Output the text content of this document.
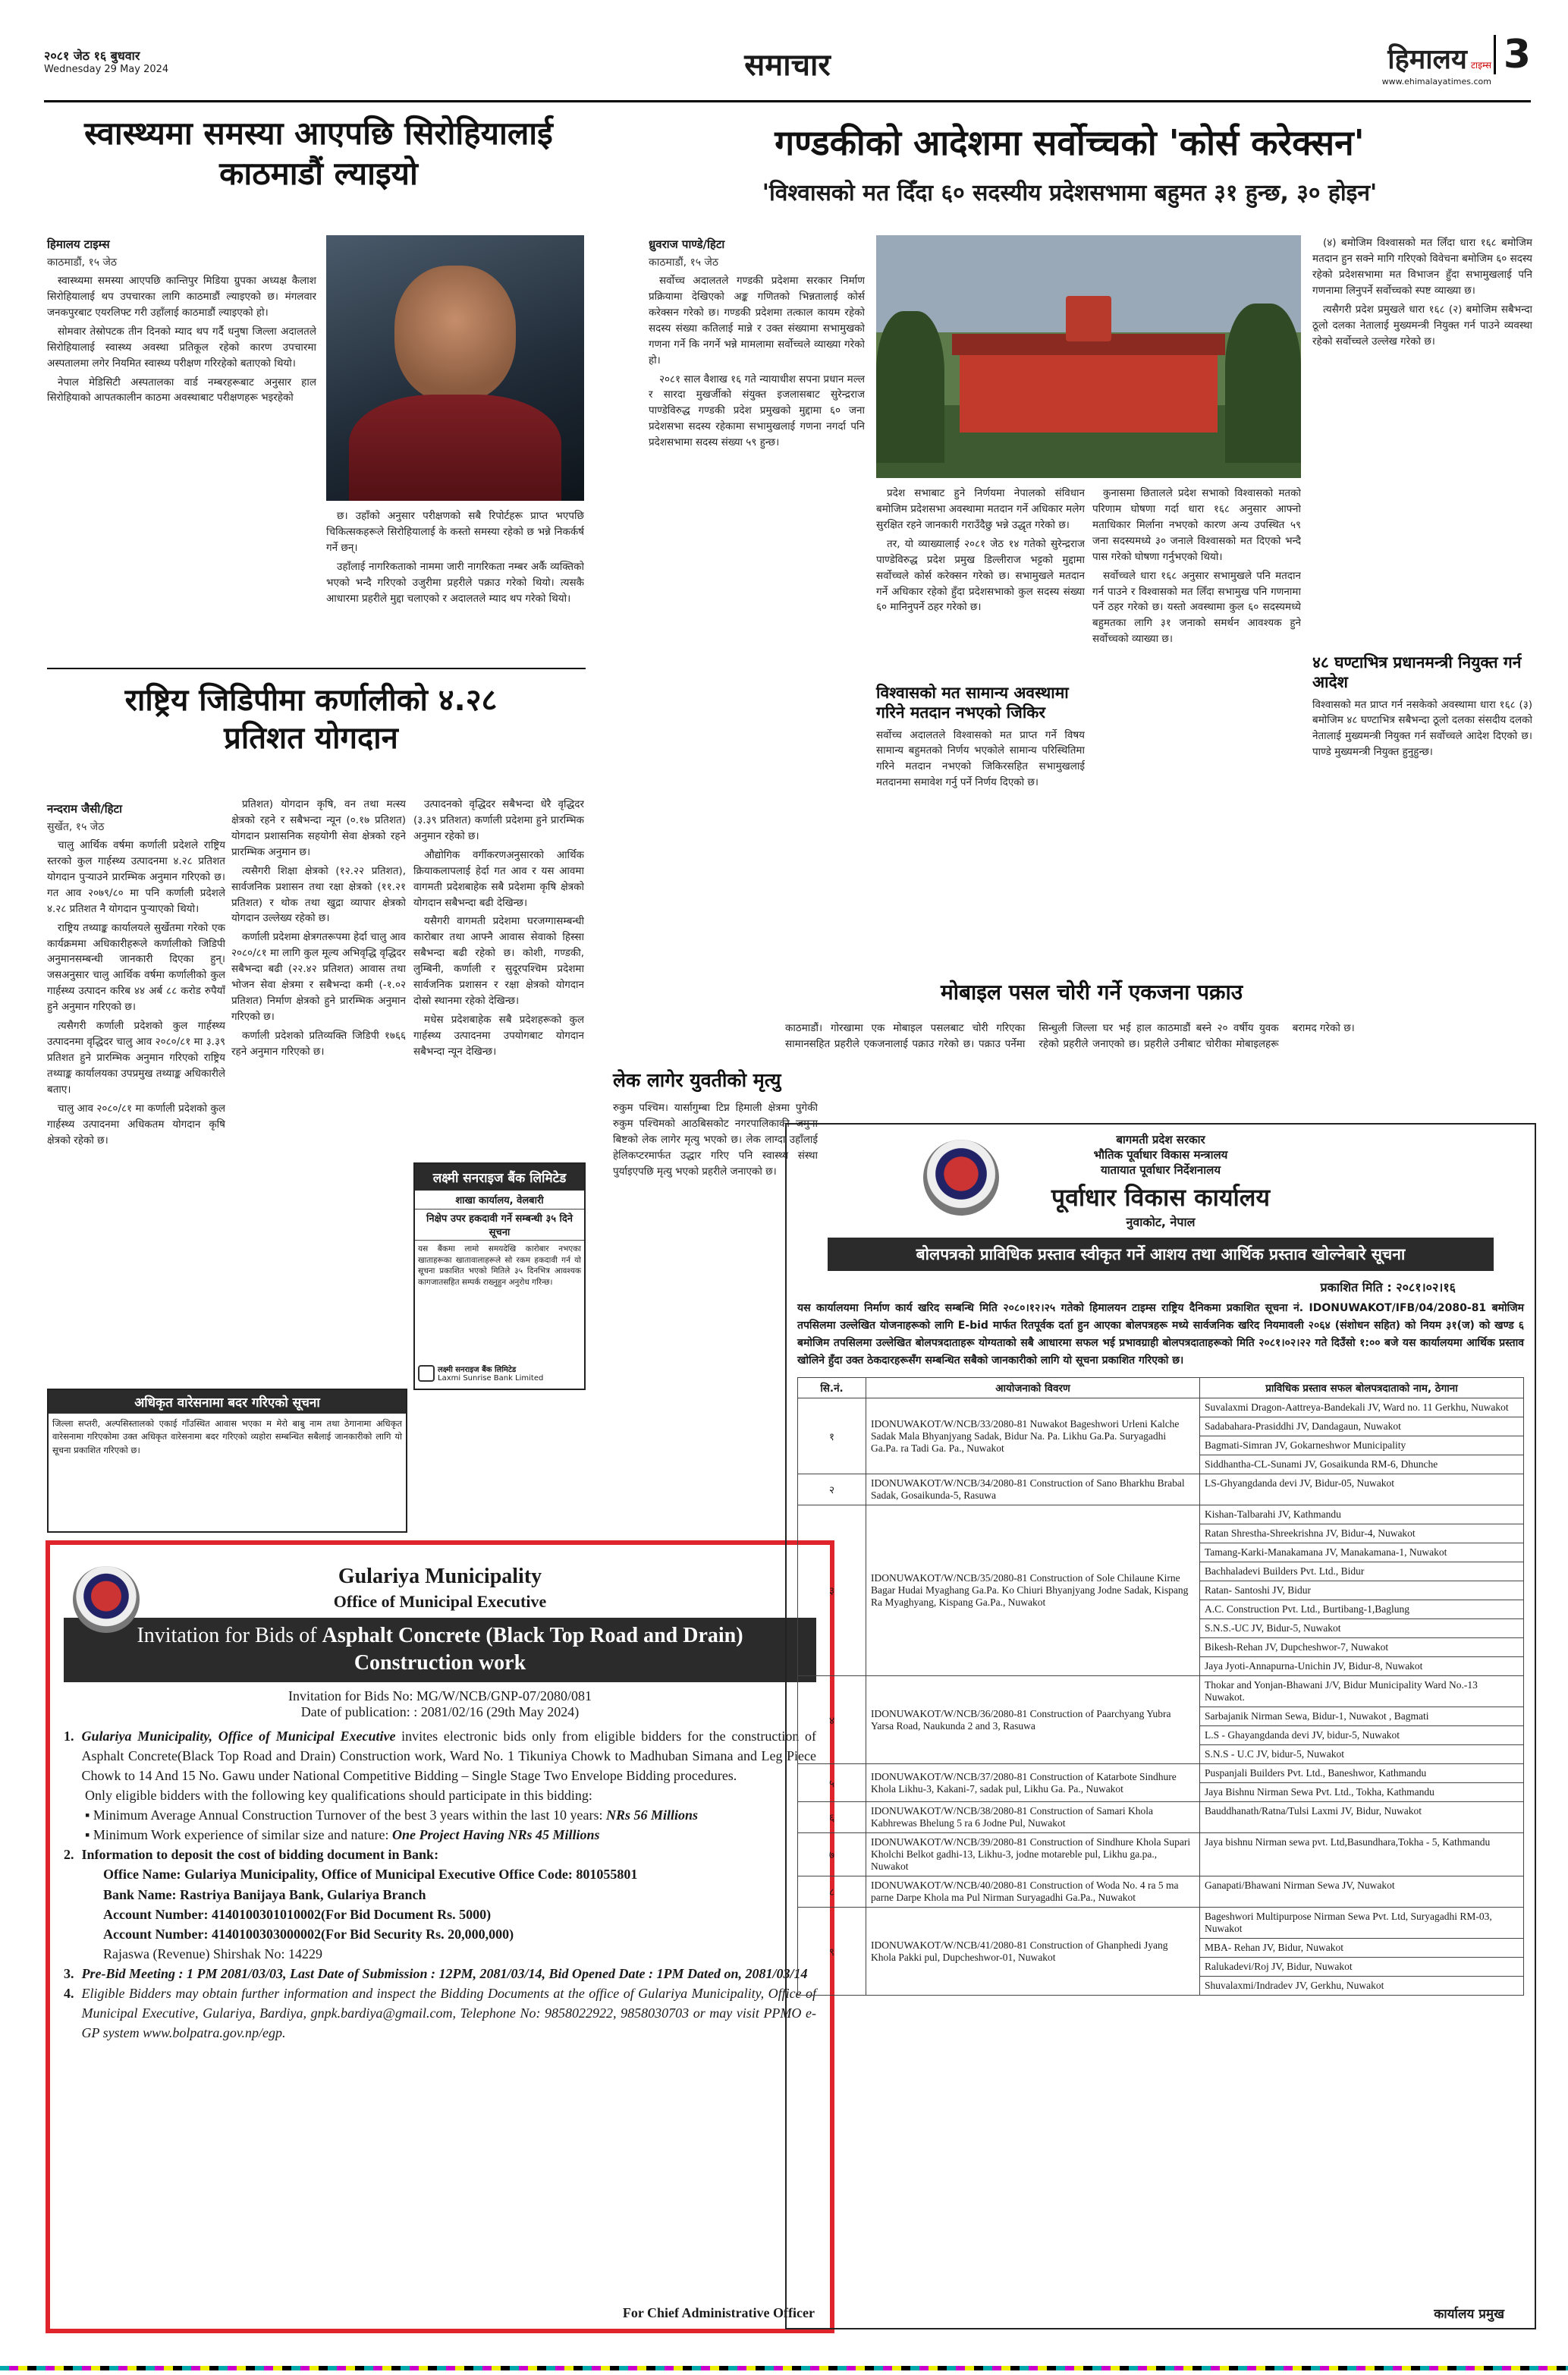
२०८१ जेठ १६ बुधवार
Wednesday 29 May 2024	समाचार	हिमालय टाइम्स
www.ehimalayatimes.com
3
स्वास्थ्यमा समस्या आएपछि सिरोहियालाई काठमाडौं ल्याइयो
हिमालय टाइम्स
काठमाडौं, १५ जेठ

स्वास्थ्यमा समस्या आएपछि कान्तिपुर मिडिया ग्रुपका अध्यक्ष कैलाश सिरोहियालाई थप उपचारका लागि काठमाडौं ल्याइएको छ। मंगलवार जनकपुरबाट एयरलिफ्ट गरी उहाँलाई काठमाडौं ल्याइएको हो।

सोमवार तेस्रोपटक तीन दिनको म्याद थप गर्दै धनुषा जिल्ला अदालतले सिरोहियालाई स्वास्थ्य अवस्था प्रतिकूल रहेको कारण उपचारमा अस्पतालमा लगेर नियमित स्वास्थ्य परीक्षण गरिरहेको बताएको थियो।

नेपाल मेडिसिटी अस्पतालका वार्ड नम्बरहरूबाट अनुसार हाल सिरोहियाको आपतकालीन काठमा अवस्थाबाट परीक्षणहरू भइरहेको

छ। उहाँको अनुसार परीक्षणको सबै रिपोर्टहरू प्राप्त भएपछि चिकित्सकहरूले सिरोहियालाई के कस्तो समस्या रहेको छ भन्ने निकर्कर्ष गर्ने छन्।

उहाँलाई नागरिकताको नाममा जारी नागरिकता नम्बर अर्कै व्यक्तिको भएको भन्दै गरिएको उजुरीमा प्रहरीले पक्राउ गरेको थियो। त्यसकै आधारमा प्रहरीले मुद्दा चलाएको र अदालतले म्याद थप गरेको थियो।

राष्ट्रिय जिडिपीमा कर्णालीको ४.२८ प्रतिशत योगदान
नन्दराम जैसी/हिटा
सुर्खेत, १५ जेठ

चालु आर्थिक वर्षमा कर्णाली प्रदेशले राष्ट्रिय स्तरको कुल गार्हस्थ्य उत्पादनमा ४.२८ प्रतिशत योगदान पुऱ्याउने प्रारम्भिक अनुमान गरिएको छ। गत आव २०७९/८० मा पनि कर्णाली प्रदेशले ४.२८ प्रतिशत नै योगदान पुऱ्याएको थियो।

राष्ट्रिय तथ्याङ्क कार्यालयले सुर्खेतमा गरेको एक कार्यक्रममा अधिकारीहरूले कर्णालीको जिडिपी अनुमानसम्बन्धी जानकारी दिएका हुन्। जसअनुसार चालु आर्थिक वर्षमा कर्णालीको कुल गार्हस्थ्य उत्पादन करिब ४४ अर्ब ८८ करोड रुपैयाँ हुने अनुमान गरिएको छ।

त्यसैगरी कर्णाली प्रदेशको कुल गार्हस्थ्य उत्पादनमा वृद्धिदर चालु आव २०८०/८१ मा ३.३९ प्रतिशत हुने प्रारम्भिक अनुमान गरिएको राष्ट्रिय तथ्याङ्क कार्यालयका उपप्रमुख तथ्याङ्क अधिकारीले बताए।

चालु आव २०८०/८१ मा कर्णाली प्रदेशको कुल गार्हस्थ्य उत्पादनमा अधिकतम योगदान कृषि क्षेत्रको रहेको छ।

प्रतिशत) योगदान कृषि, वन तथा मत्स्य क्षेत्रको रहने र सबैभन्दा न्यून (०.१७ प्रतिशत) योगदान प्रशासनिक सहयोगी सेवा क्षेत्रको रहने प्रारम्भिक अनुमान छ।

त्यसैगरी शिक्षा क्षेत्रको (१२.२२ प्रतिशत), सार्वजनिक प्रशासन तथा रक्षा क्षेत्रको (११.२१ प्रतिशत) र थोक तथा खुद्रा व्यापार क्षेत्रको योगदान उल्लेख्य रहेको छ।

कर्णाली प्रदेशमा क्षेत्रगतरूपमा हेर्दा चालु आव २०८०/८१ मा लागि कुल मूल्य अभिवृद्धि वृद्धिदर सबैभन्दा बढी (२२.४२ प्रतिशत) आवास तथा भोजन सेवा क्षेत्रमा र सबैभन्दा कमी (-१.०२ प्रतिशत) निर्माण क्षेत्रको हुने प्रारम्भिक अनुमान गरिएको छ।

कर्णाली प्रदेशको प्रतिव्यक्ति जिडिपी १७६६ रहने अनुमान गरिएको छ।

उत्पादनको वृद्धिदर सबैभन्दा धेरै वृद्धिदर (३.३९ प्रतिशत) कर्णाली प्रदेशमा हुने प्रारम्भिक अनुमान रहेको छ।

औद्योगिक वर्गीकरणअनुसारको आर्थिक क्रियाकलापलाई हेर्दा गत आव र यस आवमा वागमती प्रदेशबाहेक सबै प्रदेशमा कृषि क्षेत्रको योगदान सबैभन्दा बढी देखिन्छ।

यसैगरी वागमती प्रदेशमा घरजग्गासम्बन्धी कारोबार तथा आफ्नै आवास सेवाको हिस्सा सबैभन्दा बढी रहेको छ। कोशी, गण्डकी, लुम्बिनी, कर्णाली र सुदूरपश्चिम प्रदेशमा सार्वजनिक प्रशासन र रक्षा क्षेत्रको योगदान दोस्रो स्थानमा रहेको देखिन्छ।

मधेस प्रदेशबाहेक सबै प्रदेशहरूको कुल गार्हस्थ्य उत्पादनमा उपयोगबाट योगदान सबैभन्दा न्यून देखिन्छ।

लक्ष्मी सनराइज बैंक लिमिटेड
शाखा कार्यालय, वेलबारी
निक्षेप उपर हकदावी गर्ने सम्बन्धी ३५ दिने सूचना
यस बैंकमा लामो समयदेखि कारोबार नभएका खाताहरूका खातावालाहरूले सो रकम हकदावी गर्न यो सूचना प्रकाशित भएको मितिले ३५ दिनभित्र आवश्यक कागजातसहित सम्पर्क राख्नुहुन अनुरोध गरिन्छ।
लक्ष्मी सनराइज बैंक लिमिटेड
Laxmi Sunrise Bank Limited
अधिकृत वारेसनामा बदर गरिएको सूचना
जिल्ला सप्तरी, अल्पसिस्तालको एकाई गाँउस्थित आवास भएका म मेरो बाबु नाम तथा ठेगानामा अधिकृत वारेसनामा गरिएकोमा उक्त अधिकृत वारेसनामा बदर गरिएको व्यहोरा सम्बन्धित सबैलाई जानकारीको लागि यो सूचना प्रकाशित गरिएको छ।
Gulariya Municipality
Office of Municipal Executive
Invitation for Bids of Asphalt Concrete (Black Top Road and Drain)
Construction work
Invitation for Bids No: MG/W/NCB/GNP-07/2080/081
Date of publication: : 2081/02/16 (29th May 2024)
1. Gulariya Municipality, Office of Municipal Executive invites electronic bids only from eligible bidders for the construction of Asphalt Concrete(Black Top Road and Drain) Construction work, Ward No. 1 Tikuniya Chowk to Madhuban Simana and Leg Piece Chowk to 14 And 15 No. Gawu under National Competitive Bidding – Single Stage Two Envelope Bidding procedures.
Only eligible bidders with the following key qualifications should participate in this bidding:
▪ Minimum Average Annual Construction Turnover of the best 3 years within the last 10 years: NRs 56 Millions
▪ Minimum Work experience of similar size and nature: One Project Having NRs 45 Millions
2. Information to deposit the cost of bidding document in Bank:
Office Name: Gulariya Municipality, Office of Municipal Executive Office Code: 801055801
Bank Name: Rastriya Banijaya Bank, Gulariya Branch
Account Number: 4140100301010002(For Bid Document Rs. 5000)
Account Number: 4140100303000002(For Bid Security Rs. 20,000,000)
Rajaswa (Revenue) Shirshak No: 14229
3. Pre-Bid Meeting : 1 PM 2081/03/03, Last Date of Submission : 12PM, 2081/03/14, Bid Opened Date : 1PM Dated on, 2081/03/14
4. Eligible Bidders may obtain further information and inspect the Bidding Documents at the office of Gulariya Municipality, Office of Municipal Executive, Gulariya, Bardiya, gnpk.bardiya@gmail.com, Telephone No: 9858022922, 9858030703 or may visit PPMO e-GP system www.bolpatra.gov.np/egp.
For Chief Administrative Officer
गण्डकीको आदेशमा सर्वोच्चको 'कोर्स करेक्सन'
'विश्वासको मत दिँदा ६० सदस्यीय प्रदेशसभामा बहुमत ३१ हुन्छ, ३० होइन'
ध्रुवराज पाण्डे/हिटा
काठमाडौं, १५ जेठ

सर्वोच्च अदालतले गण्डकी प्रदेशमा सरकार निर्माण प्रक्रियामा देखिएको अङ्क गणितको भिन्नतालाई कोर्स करेक्सन गरेको छ। गण्डकी प्रदेशमा तत्काल कायम रहेको सदस्य संख्या कतिलाई मान्ने र उक्त संख्यामा सभामुखको गणना गर्ने कि नगर्ने भन्ने मामलामा सर्वोच्चले व्याख्या गरेको हो।

२०८१ साल वैशाख १६ गते न्यायाधीश सपना प्रधान मल्ल र सारदा मुखर्जीको संयुक्त इजलासबाट सुरेन्द्रराज पाण्डेविरुद्ध गण्डकी प्रदेश प्रमुखको मुद्दामा ६० जना प्रदेशसभा सदस्य रहेकामा सभामुखलाई गणना नगर्दा पनि प्रदेशसभामा सदस्य संख्या ५९ हुन्छ।

प्रदेश सभाबाट हुने निर्णयमा नेपालको संविधान बमोजिम प्रदेशसभा अवस्थामा मतदान गर्ने अधिकार मलेग सुरक्षित रहने जानकारी गराउँदैछु भन्ने उद्धृत गरेको छ।

तर, यो व्याख्यालाई २०८१ जेठ १४ गतेको सुरेन्द्रराज पाण्डेविरुद्ध प्रदेश प्रमुख डिल्लीराज भट्टको मुद्दामा सर्वोच्चले कोर्स करेक्सन गरेको छ। सभामुखले मतदान गर्ने अधिकार रहेको हुँदा प्रदेशसभाको कुल सदस्य संख्या ६० मानिनुपर्ने ठहर गरेको छ।

विश्वासको मत सामान्य अवस्थामा गरिने मतदान नभएको जिकिर
सर्वोच्च अदालतले विश्वासको मत प्राप्त गर्ने विषय सामान्य बहुमतको निर्णय भएकोले सामान्य परिस्थितिमा गरिने मतदान नभएको जिकिरसहित सभामुखलाई मतदानमा समावेश गर्नु पर्ने निर्णय दिएको छ।

कुनासमा छितालले प्रदेश सभाको विश्वासको मतको परिणाम घोषणा गर्दा धारा १६८ अनुसार आफ्नो मताधिकार मिर्लाना नभएको कारण अन्य उपस्थित ५९ जना सदस्यमध्ये ३० जनाले विश्वासको मत दिएको भन्दै पास गरेको घोषणा गर्नुभएको थियो।

सर्वोच्चले धारा १६८ अनुसार सभामुखले पनि मतदान गर्न पाउने र विश्वासको मत लिँदा सभामुख पनि गणनामा पर्ने ठहर गरेको छ। यस्तो अवस्थामा कुल ६० सदस्यमध्ये बहुमतका लागि ३१ जनाको समर्थन आवश्यक हुने सर्वोच्चको व्याख्या छ।

(४) बमोजिम विश्वासको मत लिँदा धारा १६८ बमोजिम मतदान हुन सक्ने मागि गरिएको विवेचना बमोजिम ६० सदस्य रहेको प्रदेशसभामा मत विभाजन हुँदा सभामुखलाई पनि गणनामा लिनुपर्ने सर्वोच्चको स्पष्ट व्याख्या छ।

त्यसैगरी प्रदेश प्रमुखले धारा १६८ (२) बमोजिम सबैभन्दा ठूलो दलका नेतालाई मुख्यमन्त्री नियुक्त गर्न पाउने व्यवस्था रहेको सर्वोच्चले उल्लेख गरेको छ।

४८ घण्टाभित्र प्रधानमन्त्री नियुक्त गर्न आदेश
विश्वासको मत प्राप्त गर्न नसकेको अवस्थामा धारा १६८ (३) बमोजिम ४८ घण्टाभित्र सबैभन्दा ठूलो दलका संसदीय दलको नेतालाई मुख्यमन्त्री नियुक्त गर्न सर्वोच्चले आदेश दिएको छ। पाण्डे मुख्यमन्त्री नियुक्त हुनुहुन्छ।
लेक लागेर युवतीको मृत्यु
रुकुम पश्चिम। यार्सागुम्बा टिप्न हिमाली क्षेत्रमा पुगेकी रुकुम पश्चिमको आठबिसकोट नगरपालिकाकी जमुना बिष्टको लेक लागेर मृत्यु भएको छ। लेक लाग्दा उहाँलाई हेलिकप्टरमार्फत उद्धार गरिए पनि स्वास्थ्य संस्था पुर्याइएपछि मृत्यु भएको प्रहरीले जनाएको छ।
मोबाइल पसल चोरी गर्ने एकजना पक्राउ
काठमाडौं। गोरखामा एक मोबाइल पसलबाट चोरी गरिएका सामानसहित प्रहरीले एकजनालाई पक्राउ गरेको छ। पक्राउ पर्नेमा सिन्धुली जिल्ला घर भई हाल काठमाडौं बस्ने २० वर्षीय युवक रहेको प्रहरीले जनाएको छ। प्रहरीले उनीबाट चोरीका मोबाइलहरू बरामद गरेको छ।
बागमती प्रदेश सरकार
भौतिक पूर्वाधार विकास मन्त्रालय
यातायात पूर्वाधार निर्देशनालय
पूर्वाधार विकास कार्यालय
नुवाकोट, नेपाल
बोलपत्रको प्राविधिक प्रस्ताव स्वीकृत गर्ने आशय तथा आर्थिक प्रस्ताव खोल्नेबारे सूचना
प्रकाशित मिति : २०८१।०२।१६
यस कार्यालयमा निर्माण कार्य खरिद सम्बन्धि मिति २०८०।१२।२५ गतेको हिमालयन टाइम्स राष्ट्रिय दैनिकमा प्रकाशित सूचना नं. IDONUWAKOT/IFB/04/2080-81 बमोजिम तपसिलमा उल्लेखित योजनाहरूको लागि E-bid मार्फत रितपूर्वक दर्ता हुन आएका बोलपत्रहरू मध्ये सार्वजनिक खरिद नियमावली २०६४ (संशोधन सहित) को नियम ३१(ज) को खण्ड ६ बमोजिम तपसिलमा उल्लेखित बोलपत्रदाताहरू योग्यताको सबै आधारमा सफल भई प्रभावग्राही बोलपत्रदाताहरूको मिति २०८१।०२।२२ गते दिउँसो १:०० बजे यस कार्यालयमा आर्थिक प्रस्ताव खोलिने हुँदा उक्त ठेकदारहरूसँग सम्बन्धित सबैको जानकारीको लागि यो सूचना प्रकाशित गरिएको छ।
सि.नं.	आयोजनाको विवरण	प्राविधिक प्रस्ताव सफल बोलपत्रदाताको नाम, ठेगाना
१	IDONUWAKOT/W/NCB/33/2080-81 Nuwakot Bageshwori Urleni Kalche Sadak Mala Bhyanjyang Sadak, Bidur Na. Pa. Likhu Ga.Pa. Suryagadhi Ga.Pa. ra Tadi Ga. Pa., Nuwakot	Suvalaxmi Dragon-Aattreya-Bandekali JV, Ward no. 11 Gerkhu, Nuwakot
		Sadabahara-Prasiddhi JV, Dandagaun, Nuwakot
		Bagmati-Simran JV, Gokarneshwor Municipality
		Siddhantha-CL-Sunami JV, Gosaikunda RM-6, Dhunche
२	IDONUWAKOT/W/NCB/34/2080-81 Construction of Sano Bharkhu Brabal Sadak, Gosaikunda-5, Rasuwa	LS-Ghyangdanda devi JV, Bidur-05, Nuwakot
३	IDONUWAKOT/W/NCB/35/2080-81 Construction of Sole Chilaune Kirne Bagar Hudai Myaghang Ga.Pa. Ko Chiuri Bhyanjyang Jodne Sadak, Kispang Ra Myaghyang, Kispang Ga.Pa., Nuwakot	Kishan-Talbarahi JV, Kathmandu
		Ratan Shrestha-Shreekrishna JV, Bidur-4, Nuwakot
		Tamang-Karki-Manakamana JV, Manakamana-1, Nuwakot
		Bachhaladevi Builders Pvt. Ltd., Bidur
		Ratan- Santoshi JV, Bidur
		A.C. Construction Pvt. Ltd., Burtibang-1,Baglung
		S.N.S.-UC JV, Bidur-5, Nuwakot
		Bikesh-Rehan JV, Dupcheshwor-7, Nuwakot
		Jaya Jyoti-Annapurna-Unichin JV, Bidur-8, Nuwakot
४	IDONUWAKOT/W/NCB/36/2080-81 Construction of Paarchyang Yubra Yarsa Road, Naukunda 2 and 3, Rasuwa	Thokar and Yonjan-Bhawani J/V, Bidur Municipality Ward No.-13 Nuwakot.
		Sarbajanik Nirman Sewa, Bidur-1, Nuwakot , Bagmati
		L.S - Ghayangdanda devi JV, bidur-5, Nuwakot
		S.N.S - U.C JV, bidur-5, Nuwakot
५	IDONUWAKOT/W/NCB/37/2080-81 Construction of Katarbote Sindhure Khola Likhu-3, Kakani-7, sadak pul, Likhu Ga. Pa., Nuwakot	Puspanjali Builders Pvt. Ltd., Baneshwor, Kathmandu
		Jaya Bishnu Nirman Sewa Pvt. Ltd., Tokha, Kathmandu
६	IDONUWAKOT/W/NCB/38/2080-81 Construction of Samari Khola Kabhrewas Bhelung 5 ra 6 Jodne Pul, Nuwakot	Bauddhanath/Ratna/Tulsi Laxmi JV, Bidur, Nuwakot
७	IDONUWAKOT/W/NCB/39/2080-81 Construction of Sindhure Khola Supari Kholchi Belkot gadhi-13, Likhu-3, jodne motareble pul, Likhu ga.pa., Nuwakot	Jaya bishnu Nirman sewa pvt. Ltd,Basundhara,Tokha - 5, Kathmandu
८	IDONUWAKOT/W/NCB/40/2080-81 Construction of Woda No. 4 ra 5 ma parne Darpe Khola ma Pul Nirman Suryagadhi Ga.Pa., Nuwakot	Ganapati/Bhawani Nirman Sewa JV, Nuwakot
९	IDONUWAKOT/W/NCB/41/2080-81 Construction of Ghanphedi Jyang Khola Pakki pul, Dupcheshwor-01, Nuwakot	Bageshwori Multipurpose Nirman Sewa Pvt. Ltd, Suryagadhi RM-03, Nuwakot
		MBA- Rehan JV, Bidur, Nuwakot
		Ralukadevi/Roj JV, Bidur, Nuwakot
		Shuvalaxmi/Indradev JV, Gerkhu, Nuwakot
कार्यालय प्रमुख
